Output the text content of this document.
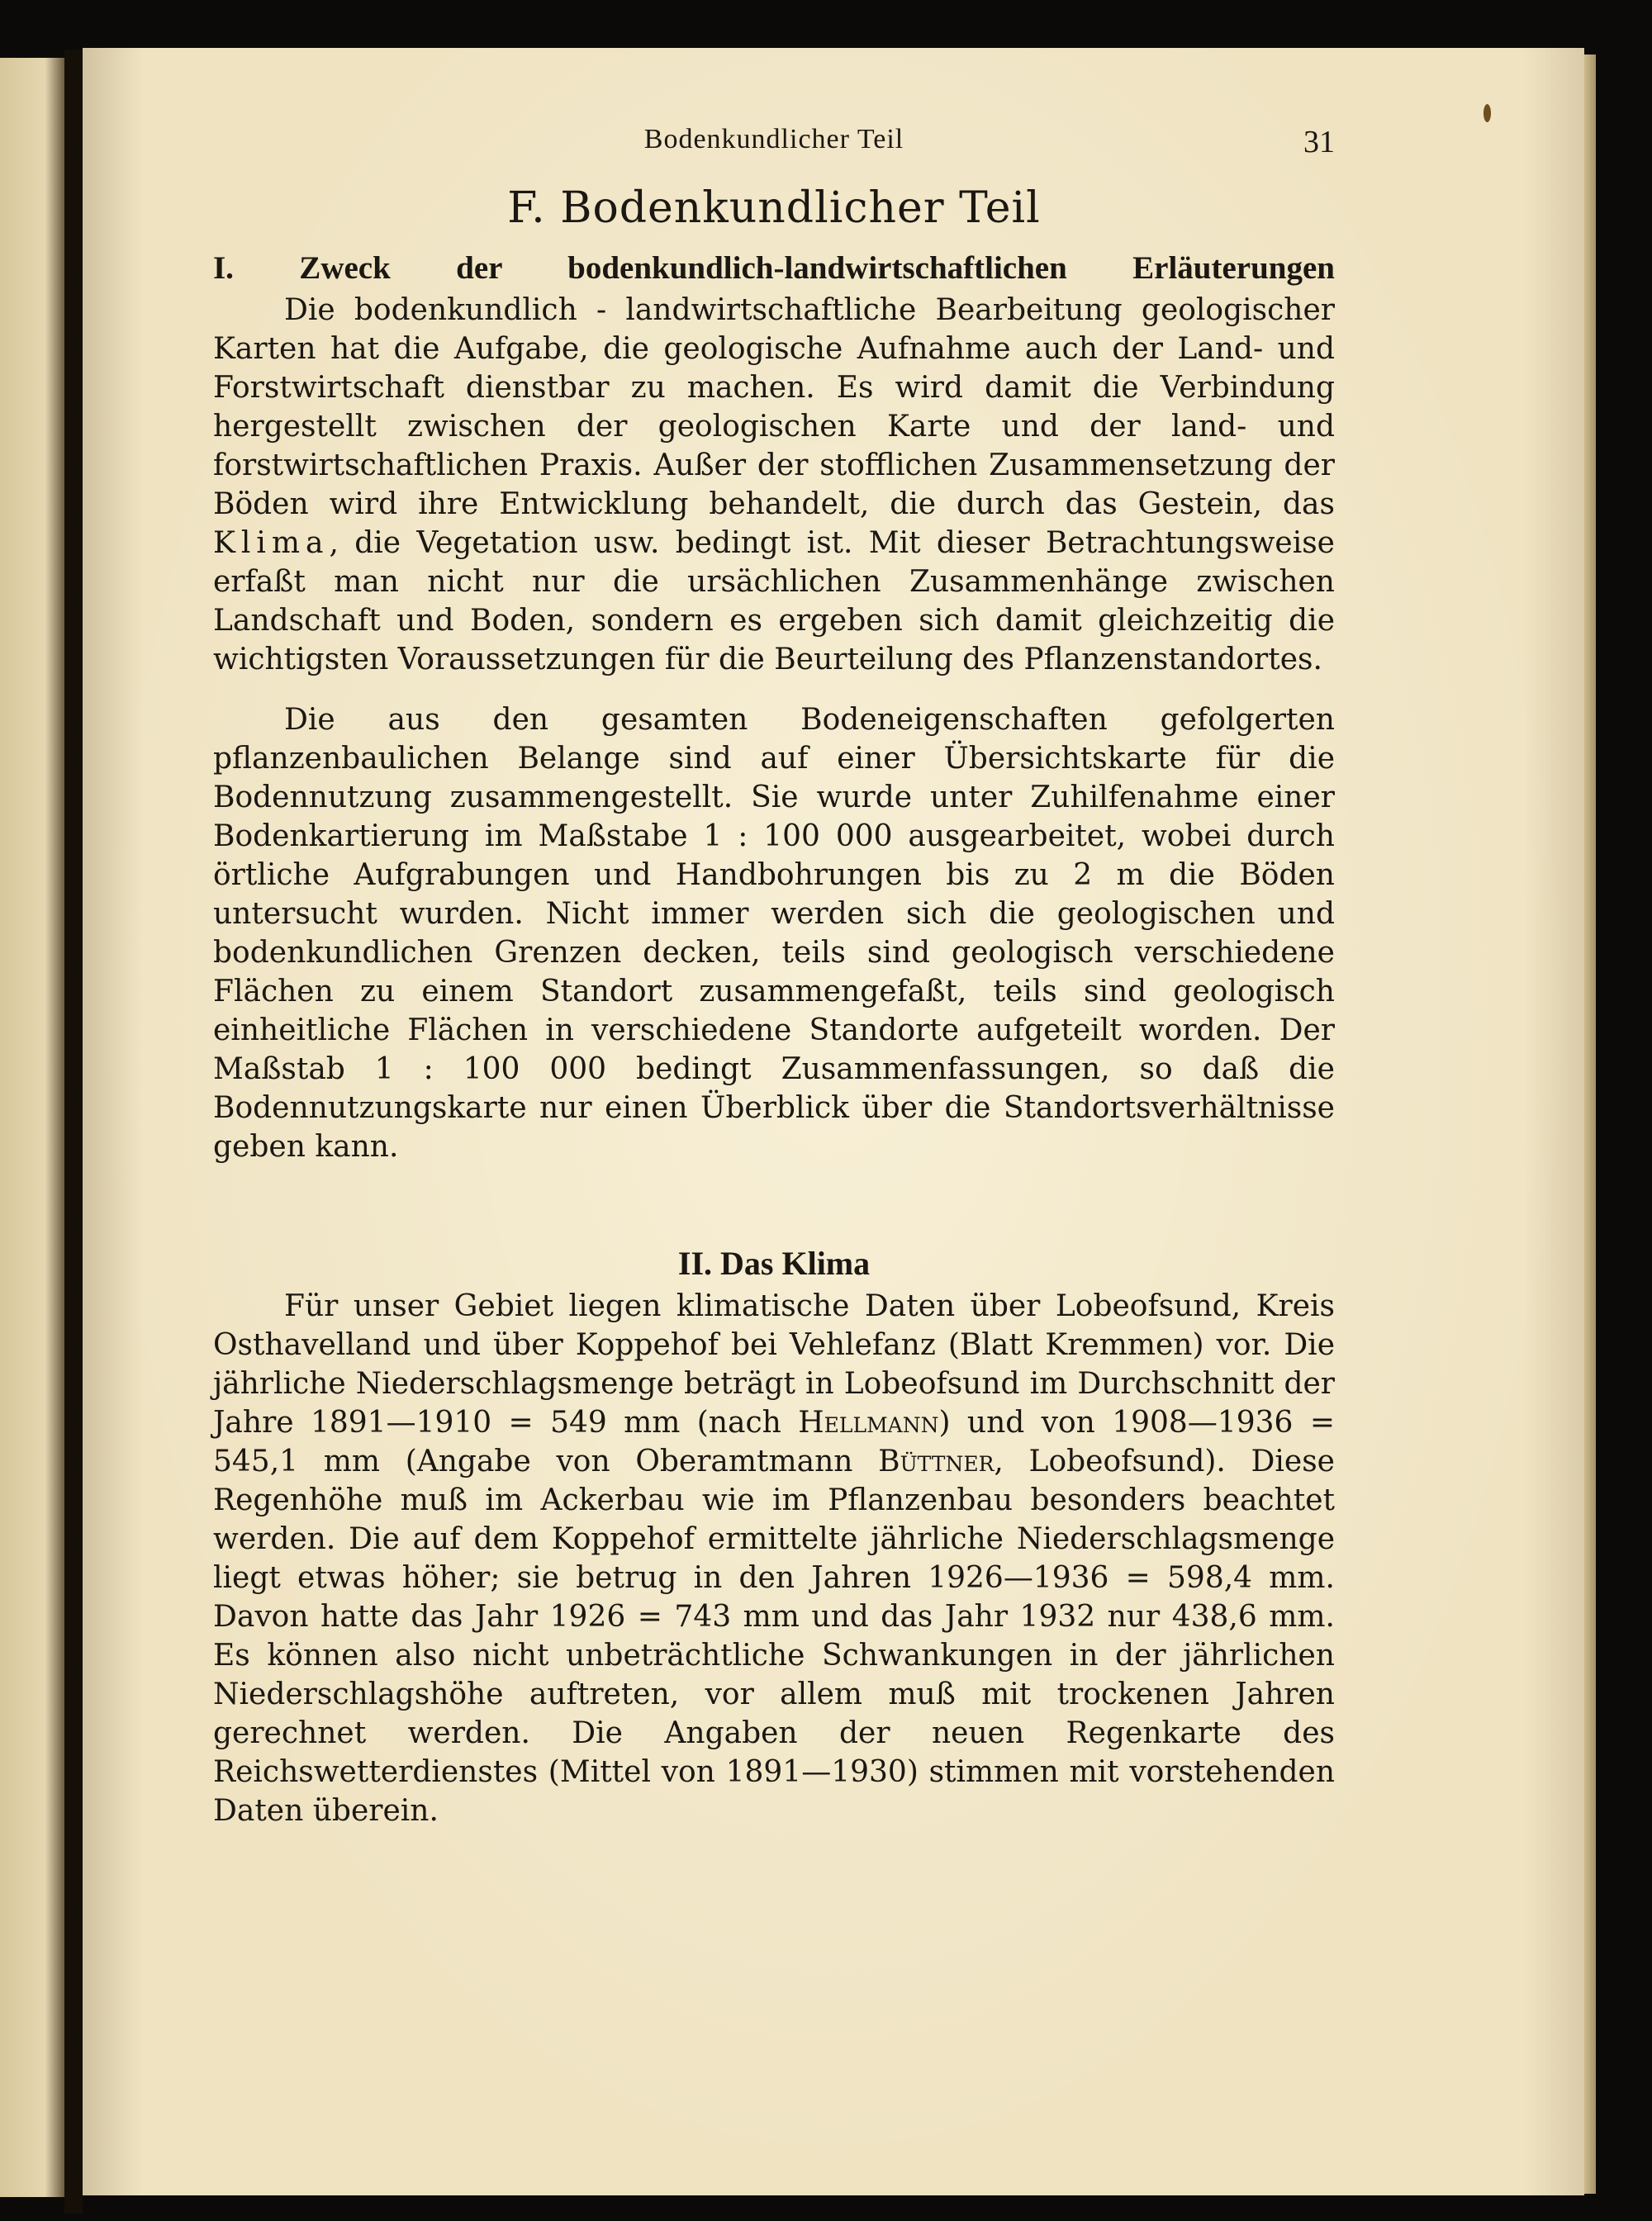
Bodenkundlicher Teil	31
F. Bodenkundlicher Teil
I. Zweck der bodenkundlich-landwirtschaftlichen Erläuterungen

Die bodenkundlich - landwirtschaftliche Bearbeitung geologischer Karten hat die Aufgabe, die geologische Aufnahme auch der Land- und Forstwirtschaft dienstbar zu machen. Es wird damit die Verbindung hergestellt zwischen der geologischen Karte und der land- und forstwirtschaftlichen Praxis. Außer der stofflichen Zusammensetzung der Böden wird ihre Entwicklung behandelt, die durch das Gestein, das Klima, die Vegetation usw. bedingt ist. Mit dieser Betrachtungsweise erfaßt man nicht nur die ursächlichen Zusammenhänge zwischen Landschaft und Boden, sondern es ergeben sich damit gleichzeitig die wichtigsten Voraussetzungen für die Beurteilung des Pflanzenstandortes.

Die aus den gesamten Bodeneigenschaften gefolgerten pflanzenbaulichen Belange sind auf einer Übersichtskarte für die Bodennutzung zusammengestellt. Sie wurde unter Zuhilfenahme einer Bodenkartierung im Maßstabe 1 : 100 000 ausgearbeitet, wobei durch örtliche Aufgrabungen und Handbohrungen bis zu 2 m die Böden untersucht wurden. Nicht immer werden sich die geologischen und bodenkundlichen Grenzen decken, teils sind geologisch verschiedene Flächen zu einem Standort zusammengefaßt, teils sind geologisch einheitliche Flächen in verschiedene Standorte aufgeteilt worden. Der Maßstab 1 : 100 000 bedingt Zusammenfassungen, so daß die Bodennutzungskarte nur einen Überblick über die Standortsverhältnisse geben kann.

II. Das Klima

Für unser Gebiet liegen klimatische Daten über Lobeofsund, Kreis Osthavelland und über Koppehof bei Vehlefanz (Blatt Kremmen) vor. Die jährliche Niederschlagsmenge beträgt in Lobeofsund im Durchschnitt der Jahre 1891—1910 = 549 mm (nach Hellmann) und von 1908—1936 = 545,1 mm (Angabe von Oberamtmann Büttner, Lobeofsund). Diese Regenhöhe muß im Ackerbau wie im Pflanzenbau besonders beachtet werden. Die auf dem Koppehof ermittelte jährliche Niederschlagsmenge liegt etwas höher; sie betrug in den Jahren 1926—1936 = 598,4 mm. Davon hatte das Jahr 1926 = 743 mm und das Jahr 1932 nur 438,6 mm. Es können also nicht unbeträchtliche Schwankungen in der jährlichen Niederschlagshöhe auftreten, vor allem muß mit trockenen Jahren gerechnet werden. Die Angaben der neuen Regenkarte des Reichswetterdienstes (Mittel von 1891—1930) stimmen mit vorstehenden Daten überein.
